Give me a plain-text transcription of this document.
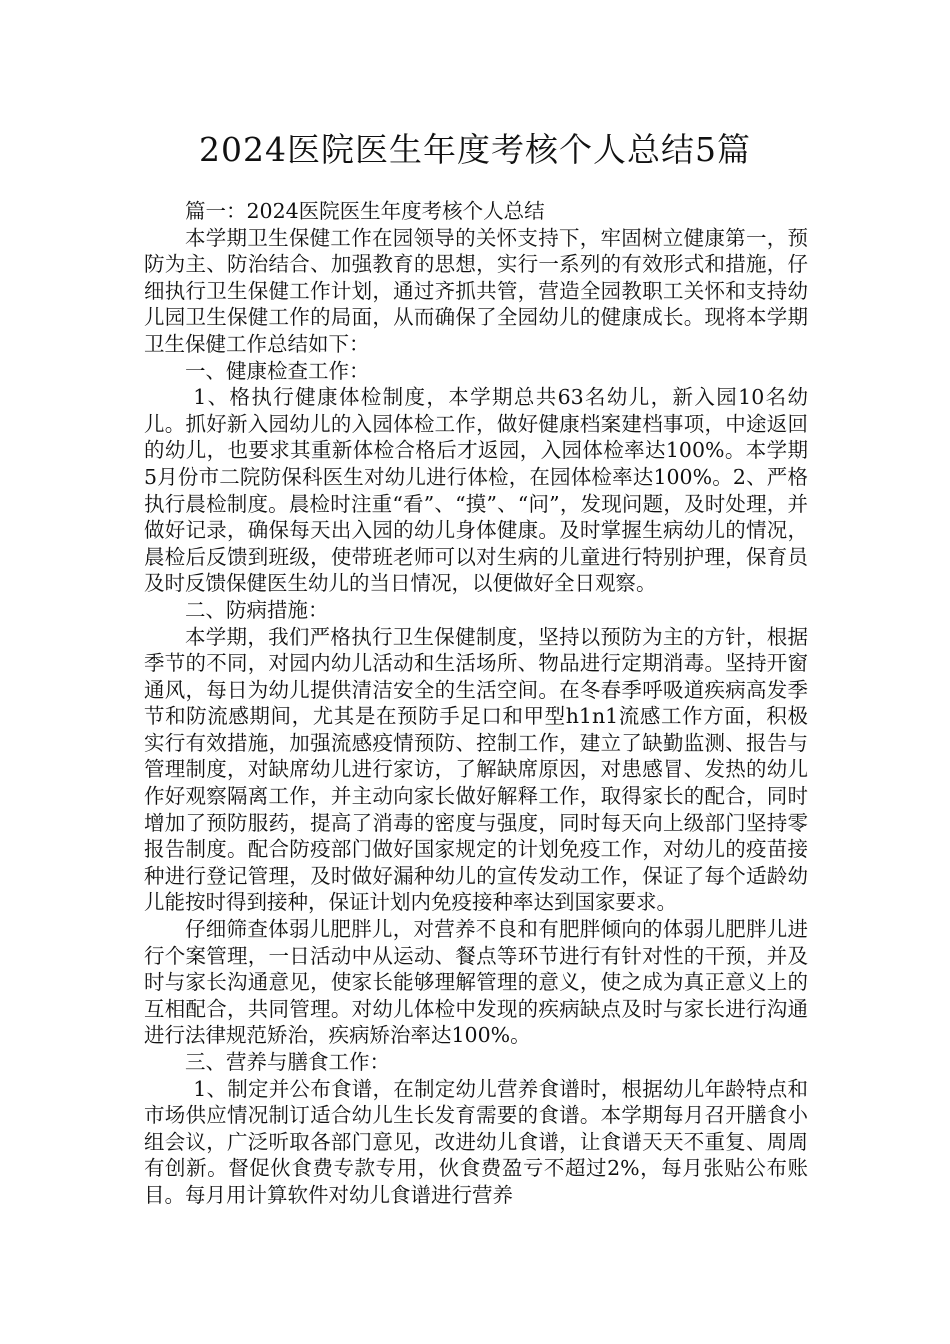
2024医院医生年度考核个人总结5篇

篇一：2024医院医生年度考核个人总结

本学期卫生保健工作在园领导的关怀支持下，牢固树立健康第一，预防为主、防治结合、加强教育的思想，实行一系列的有效形式和措施，仔细执行卫生保健工作计划，通过齐抓共管，营造全园教职工关怀和支持幼儿园卫生保健工作的局面，从而确保了全园幼儿的健康成长。现将本学期卫生保健工作总结如下：

一、健康检查工作：

1、格执行健康体检制度，本学期总共63名幼儿，新入园10名幼儿。抓好新入园幼儿的入园体检工作，做好健康档案建档事项，中途返回的幼儿，也要求其重新体检合格后才返园，入园体检率达100%。本学期5月份市二院防保科医生对幼儿进行体检，在园体检率达100%。2、严格执行晨检制度。晨检时注重“看”、“摸”、“问”，发现问题，及时处理，并做好记录，确保每天出入园的幼儿身体健康。及时掌握生病幼儿的情况，晨检后反馈到班级，使带班老师可以对生病的儿童进行特别护理，保育员及时反馈保健医生幼儿的当日情况，以便做好全日观察。

二、防病措施：

本学期，我们严格执行卫生保健制度，坚持以预防为主的方针，根据季节的不同，对园内幼儿活动和生活场所、物品进行定期消毒。坚持开窗通风，每日为幼儿提供清洁安全的生活空间。在冬春季呼吸道疾病高发季节和防流感期间，尤其是在预防手足口和甲型h1n1流感工作方面，积极实行有效措施，加强流感疫情预防、控制工作，建立了缺勤监测、报告与管理制度，对缺席幼儿进行家访，了解缺席原因，对患感冒、发热的幼儿作好观察隔离工作，并主动向家长做好解释工作，取得家长的配合，同时增加了预防服药，提高了消毒的密度与强度，同时每天向上级部门坚持零报告制度。配合防疫部门做好国家规定的计划免疫工作，对幼儿的疫苗接种进行登记管理，及时做好漏种幼儿的宣传发动工作，保证了每个适龄幼儿能按时得到接种，保证计划内免疫接种率达到国家要求。

仔细筛查体弱儿肥胖儿，对营养不良和有肥胖倾向的体弱儿肥胖儿进行个案管理，一日活动中从运动、餐点等环节进行有针对性的干预，并及时与家长沟通意见，使家长能够理解管理的意义，使之成为真正意义上的互相配合，共同管理。对幼儿体检中发现的疾病缺点及时与家长进行沟通进行法律规范矫治，疾病矫治率达100%。

三、营养与膳食工作：

1、制定并公布食谱，在制定幼儿营养食谱时，根据幼儿年龄特点和市场供应情况制订适合幼儿生长发育需要的食谱。本学期每月召开膳食小组会议，广泛听取各部门意见，改进幼儿食谱，让食谱天天不重复、周周有创新。督促伙食费专款专用，伙食费盈亏不超过2%，每月张贴公布账目。每月用计算软件对幼儿食谱进行营养
